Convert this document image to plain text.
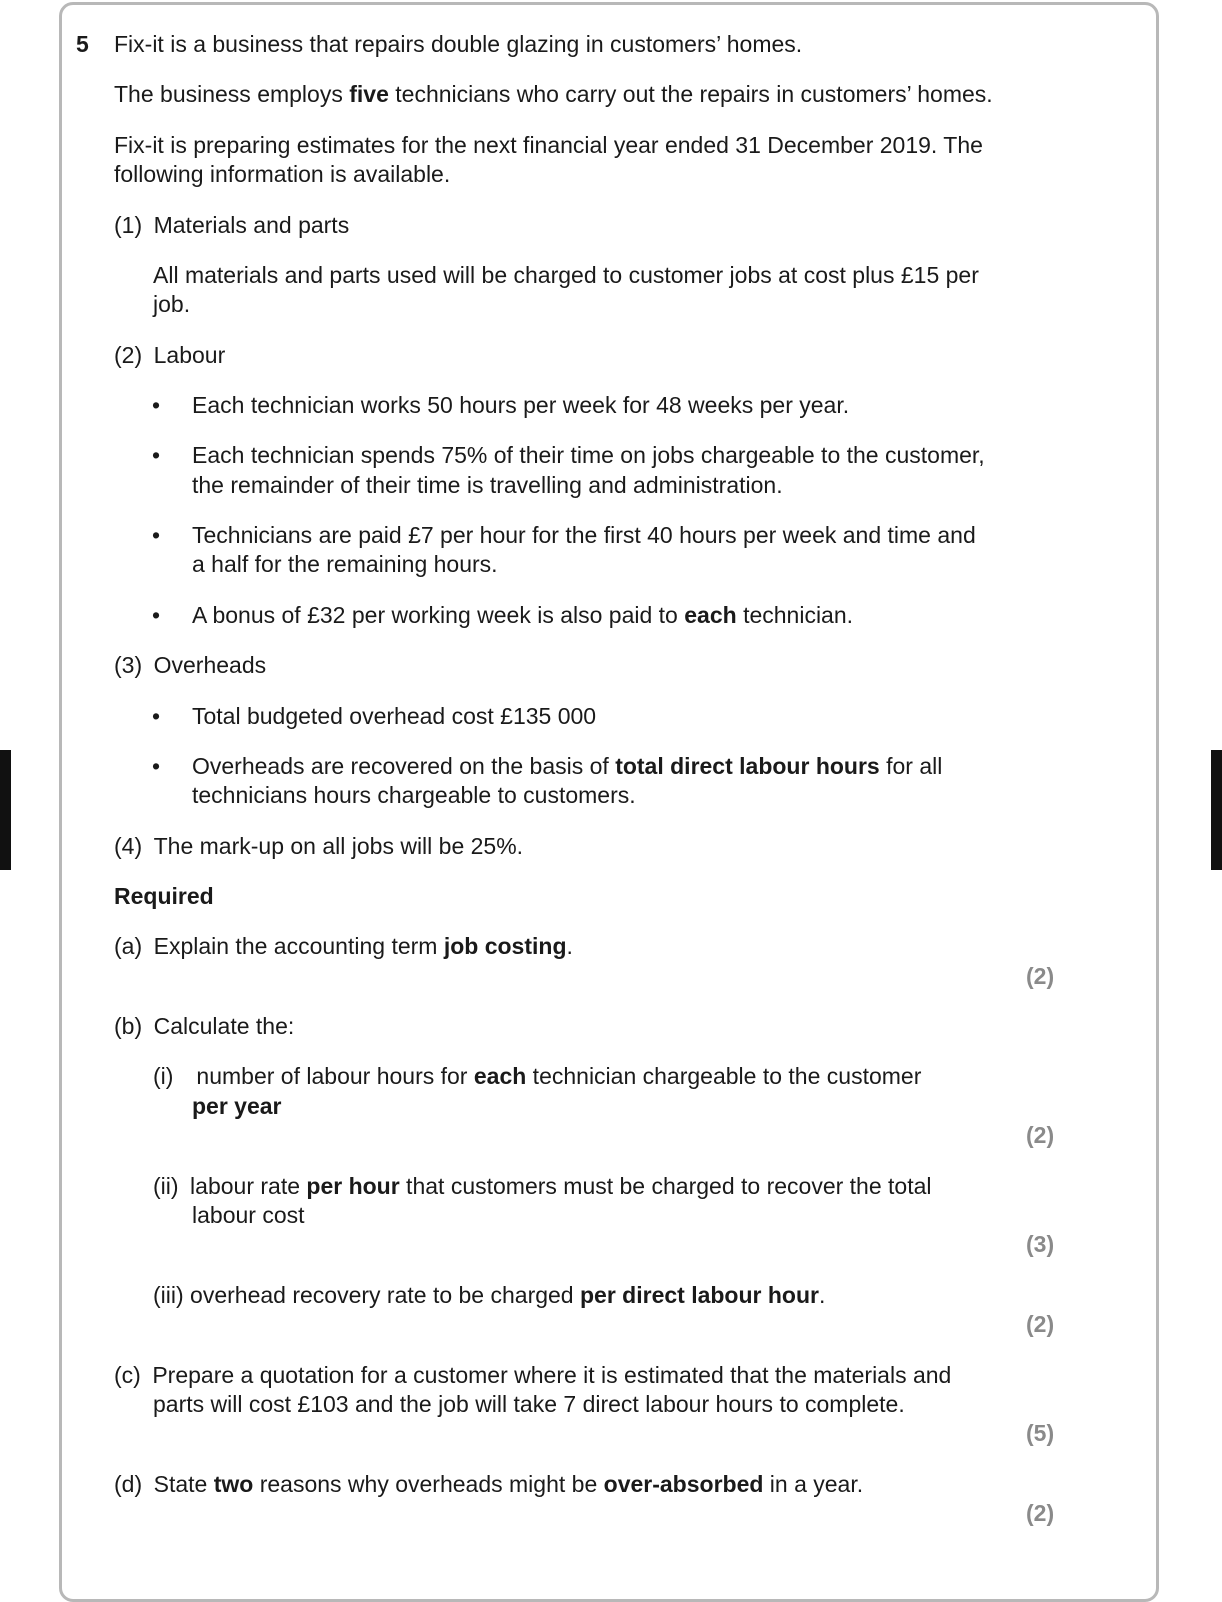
5 Fix-it is a business that repairs double glazing in customers’ homes.
The business employs five technicians who carry out the repairs in customers’ homes.
Fix-it is preparing estimates for the next financial year ended 31 December 2019. The
following information is available.
(1) Materials and parts
All materials and parts used will be charged to customer jobs at cost plus £15 per
job.
(2) Labour
• Each technician works 50 hours per week for 48 weeks per year.
• Each technician spends 75% of their time on jobs chargeable to the customer,
the remainder of their time is travelling and administration.
• Technicians are paid £7 per hour for the first 40 hours per week and time and
a half for the remaining hours.
• A bonus of £32 per working week is also paid to each technician.
(3) Overheads
• Total budgeted overhead cost £135 000
• Overheads are recovered on the basis of total direct labour hours for all
technicians hours chargeable to customers.
(4) The mark-up on all jobs will be 25%.
Required
(a) Explain the accounting term job costing.
(2)
(b) Calculate the:
(i)  number of labour hours for each technician chargeable to the customer
per year
(2)
(ii) labour rate per hour that customers must be charged to recover the total
labour cost
(3)
(iii) overhead recovery rate to be charged per direct labour hour.
(2)
(c) Prepare a quotation for a customer where it is estimated that the materials and
parts will cost £103 and the job will take 7 direct labour hours to complete.
(5)
(d) State two reasons why overheads might be over-absorbed in a year.
(2)
